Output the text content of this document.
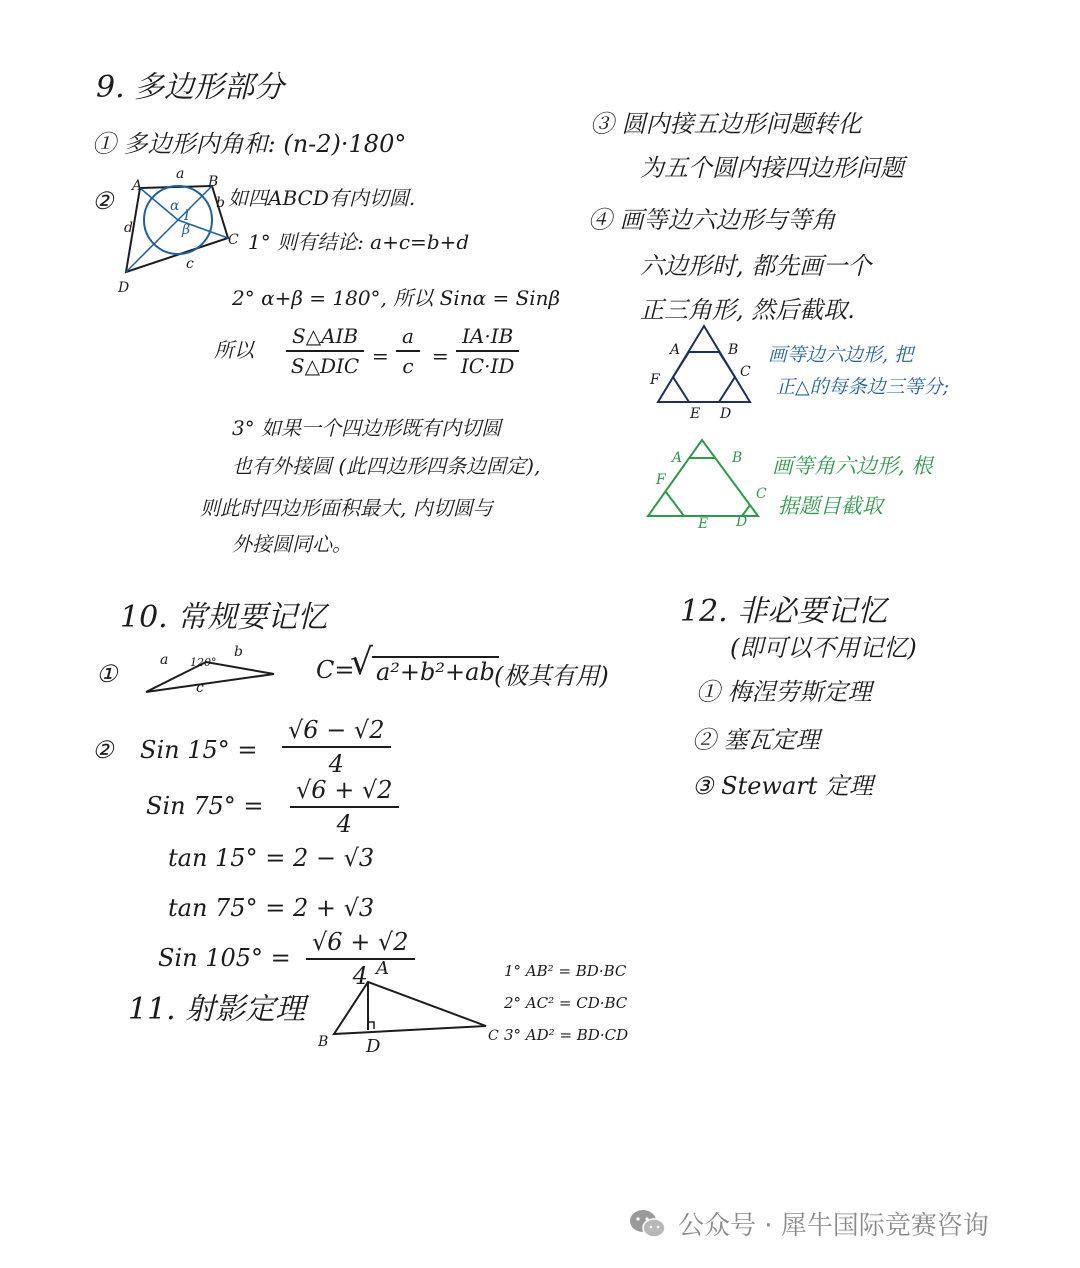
9. 多边形部分
① 多边形内角和: (n-2)·180°
②
A	B
C
D
a
b
c
d
I
α
β
如四ABCD有内切圆.
1° 则有结论: a+c=b+d
2° α+β = 180°, 所以 Sinα = Sinβ
所以
S△AIB
S△DIC = $\frac{a}{c} = \frac{IA\cdot IB}{IC\cdot ID}$
3° 如果一个四边形既有内切圆
也有外接圆 (此四边形四条边固定),
则此时四边形面积最大, 内切圆与
外接圆同心。
③ 圆内接五边形问题转化
为五个圆内接四边形问题
④ 画等边六边形与等角
六边形时, 都先画一个
正三角形, 然后截取.
A	B
C
D
E
F
画等边六边形, 把
正△的每条边三等分;
A	B
C
D
E
F
画等角六边形, 根
据题目截取
10. 常规要记忆
①	a	b
c
120°	C=
√ a²+b²+ab (极其有用)
② Sin $15^\circ = \frac{√6 - √2}{4}$
Sin $75^\circ = \frac{√6 + √2}{4}$
tan 15° = 2 − √3
tan 75° = 2 + √3
Sin $105^\circ = \frac{√6 + √2}{4}$
11. 射影定理
A
B	C
D
1° AB² = BD·BC
2° AC² = CD·BC
3° AD² = BD·CD
12. 非必要记忆
(即可以不用记忆)
① 梅涅劳斯定理
② 塞瓦定理
③ Stewart 定理
公众号 · 犀牛国际竞赛咨询
